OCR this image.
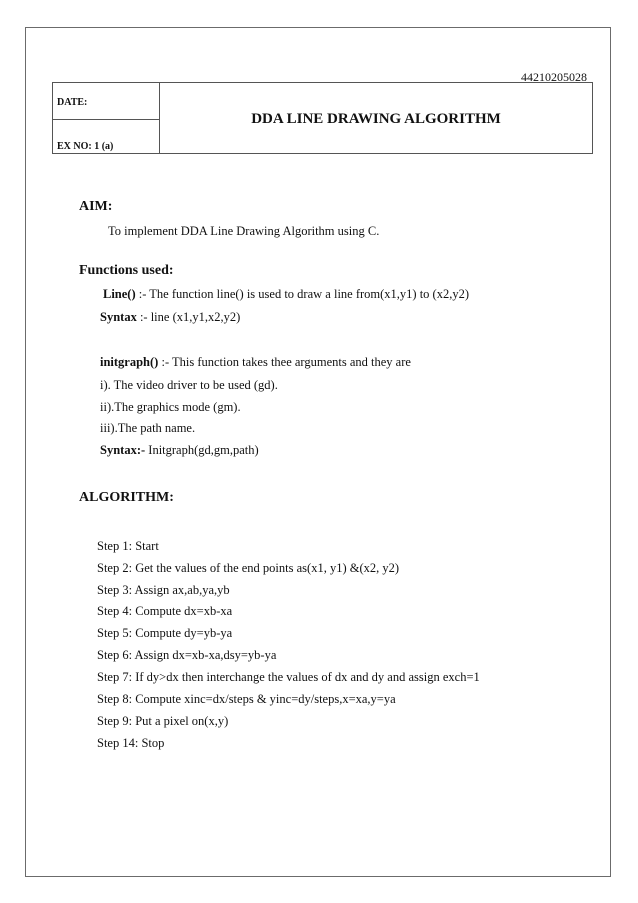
44210205028
DATE:
EX NO: 1 (a)
DDA LINE DRAWING ALGORITHM
AIM:
To implement DDA Line Drawing Algorithm using C.
Functions used:
Line() :- The function line() is used to draw a line from(x1,y1) to (x2,y2)
Syntax :- line (x1,y1,x2,y2)
initgraph() :- This function takes thee arguments and they are
i). The video driver to be used (gd).
ii).The graphics mode (gm).
iii).The path name.
Syntax:- Initgraph(gd,gm,path)
ALGORITHM:
Step 1: Start
Step 2: Get the values of the end points as(x1, y1) &(x2, y2)
Step 3: Assign ax,ab,ya,yb
Step 4: Compute dx=xb-xa
Step 5: Compute dy=yb-ya
Step 6: Assign dx=xb-xa,dsy=yb-ya
Step 7: If dy>dx then interchange the values of dx and dy and assign exch=1
Step 8: Compute xinc=dx/steps & yinc=dy/steps,x=xa,y=ya
Step 9: Put a pixel on(x,y)
Step 14: Stop
